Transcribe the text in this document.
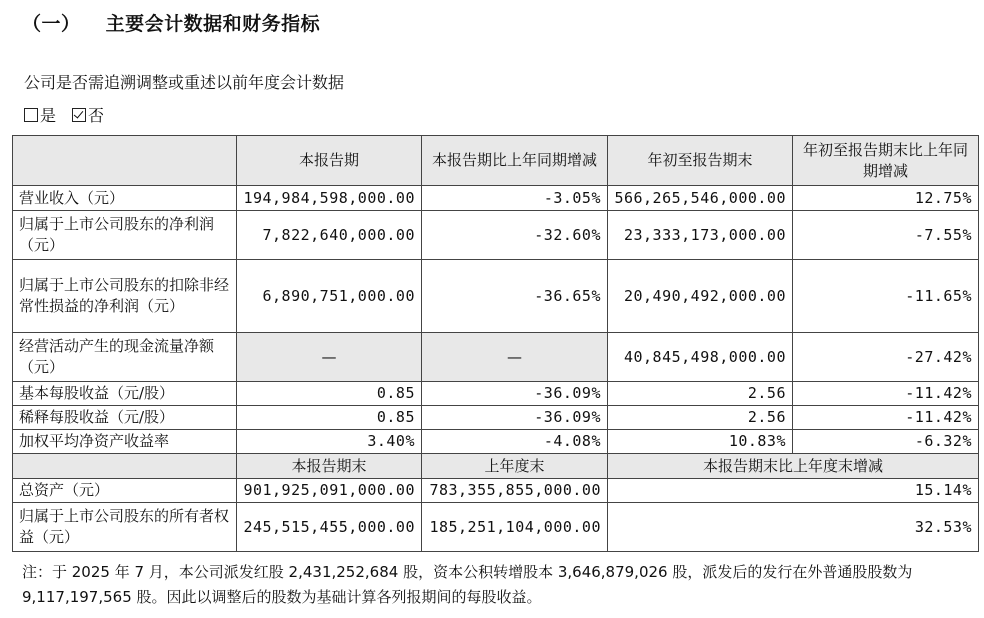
（一） 主要会计数据和财务指标
公司是否需追溯调整或重述以前年度会计数据
是 否
	本报告期	本报告期比上年同期增减	年初至报告期末	年初至报告期末比上年同期增减
营业收入（元）	194,984,598,000.00	-3.05%	566,265,546,000.00	12.75%
归属于上市公司股东的净利润（元）	7,822,640,000.00	-32.60%	23,333,173,000.00	-7.55%
归属于上市公司股东的扣除非经常性损益的净利润（元）	6,890,751,000.00	-36.65%	20,490,492,000.00	-11.65%
经营活动产生的现金流量净额（元）	—	—	40,845,498,000.00	-27.42%
基本每股收益（元/股）	0.85	-36.09%	2.56	-11.42%
稀释每股收益（元/股）	0.85	-36.09%	2.56	-11.42%
加权平均净资产收益率	3.40%	-4.08%	10.83%	-6.32%
	本报告期末	上年度末	本报告期末比上年度末增减	
总资产（元）	901,925,091,000.00	783,355,855,000.00	15.14%	
归属于上市公司股东的所有者权益（元）	245,515,455,000.00	185,251,104,000.00	32.53%	
注：于 2025 年 7 月，本公司派发红股 2,431,252,684 股，资本公积转增股本 3,646,879,026 股，派发后的发行在外普通股股数为 9,117,197,565 股。因此以调整后的股数为基础计算各列报期间的每股收益。
